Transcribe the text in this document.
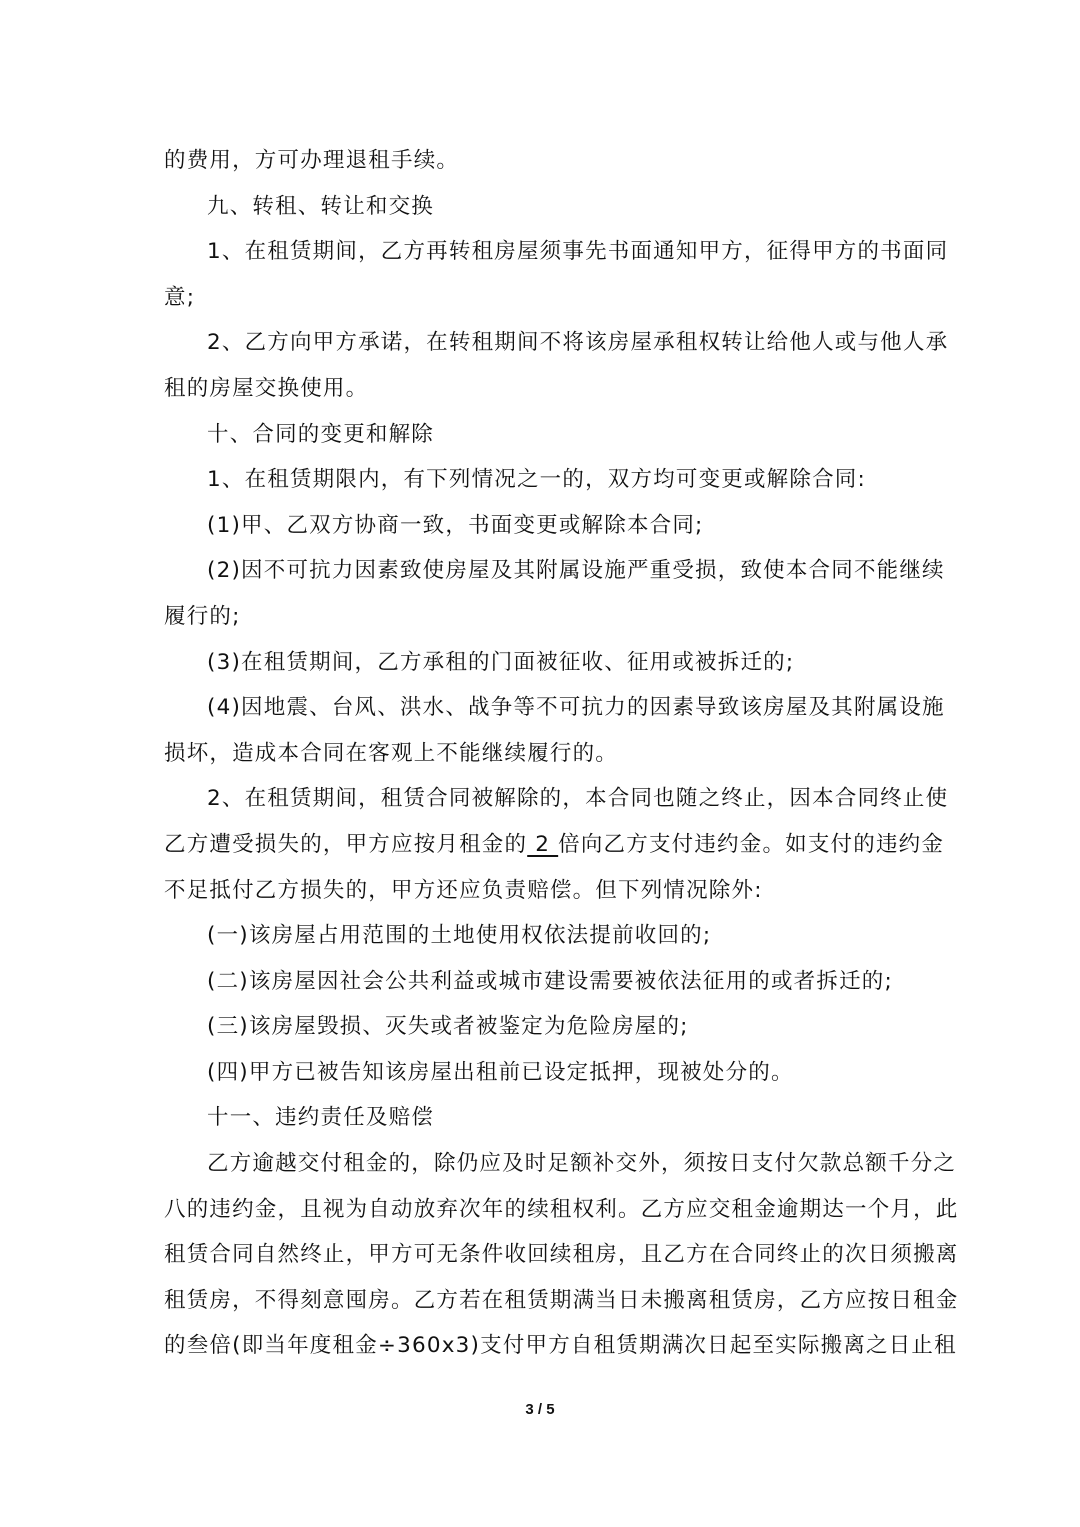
的费用，方可办理退租手续。
九、转租、转让和交换
1、在租赁期间，乙方再转租房屋须事先书面通知甲方，征得甲方的书面同
意;
2、乙方向甲方承诺，在转租期间不将该房屋承租权转让给他人或与他人承
租的房屋交换使用。
十、合同的变更和解除
1、在租赁期限内，有下列情况之一的，双方均可变更或解除合同:
(1)甲、乙双方协商一致，书面变更或解除本合同;
(2)因不可抗力因素致使房屋及其附属设施严重受损，致使本合同不能继续
履行的;
(3)在租赁期间，乙方承租的门面被征收、征用或被拆迁的;
(4)因地震、台风、洪水、战争等不可抗力的因素导致该房屋及其附属设施
损坏，造成本合同在客观上不能继续履行的。
2、在租赁期间，租赁合同被解除的，本合同也随之终止，因本合同终止使
乙方遭受损失的，甲方应按月租金的 2 倍向乙方支付违约金。如支付的违约金
不足抵付乙方损失的，甲方还应负责赔偿。但下列情况除外:
(一)该房屋占用范围的土地使用权依法提前收回的;
(二)该房屋因社会公共利益或城市建设需要被依法征用的或者拆迁的;
(三)该房屋毁损、灭失或者被鉴定为危险房屋的;
(四)甲方已被告知该房屋出租前已设定抵押，现被处分的。
十一、违约责任及赔偿
乙方逾越交付租金的，除仍应及时足额补交外，须按日支付欠款总额千分之
八的违约金，且视为自动放弃次年的续租权利。乙方应交租金逾期达一个月，此
租赁合同自然终止，甲方可无条件收回续租房，且乙方在合同终止的次日须搬离
租赁房，不得刻意囤房。乙方若在租赁期满当日未搬离租赁房，乙方应按日租金
的叁倍(即当年度租金÷360x3)支付甲方自租赁期满次日起至实际搬离之日止租
3 / 5
